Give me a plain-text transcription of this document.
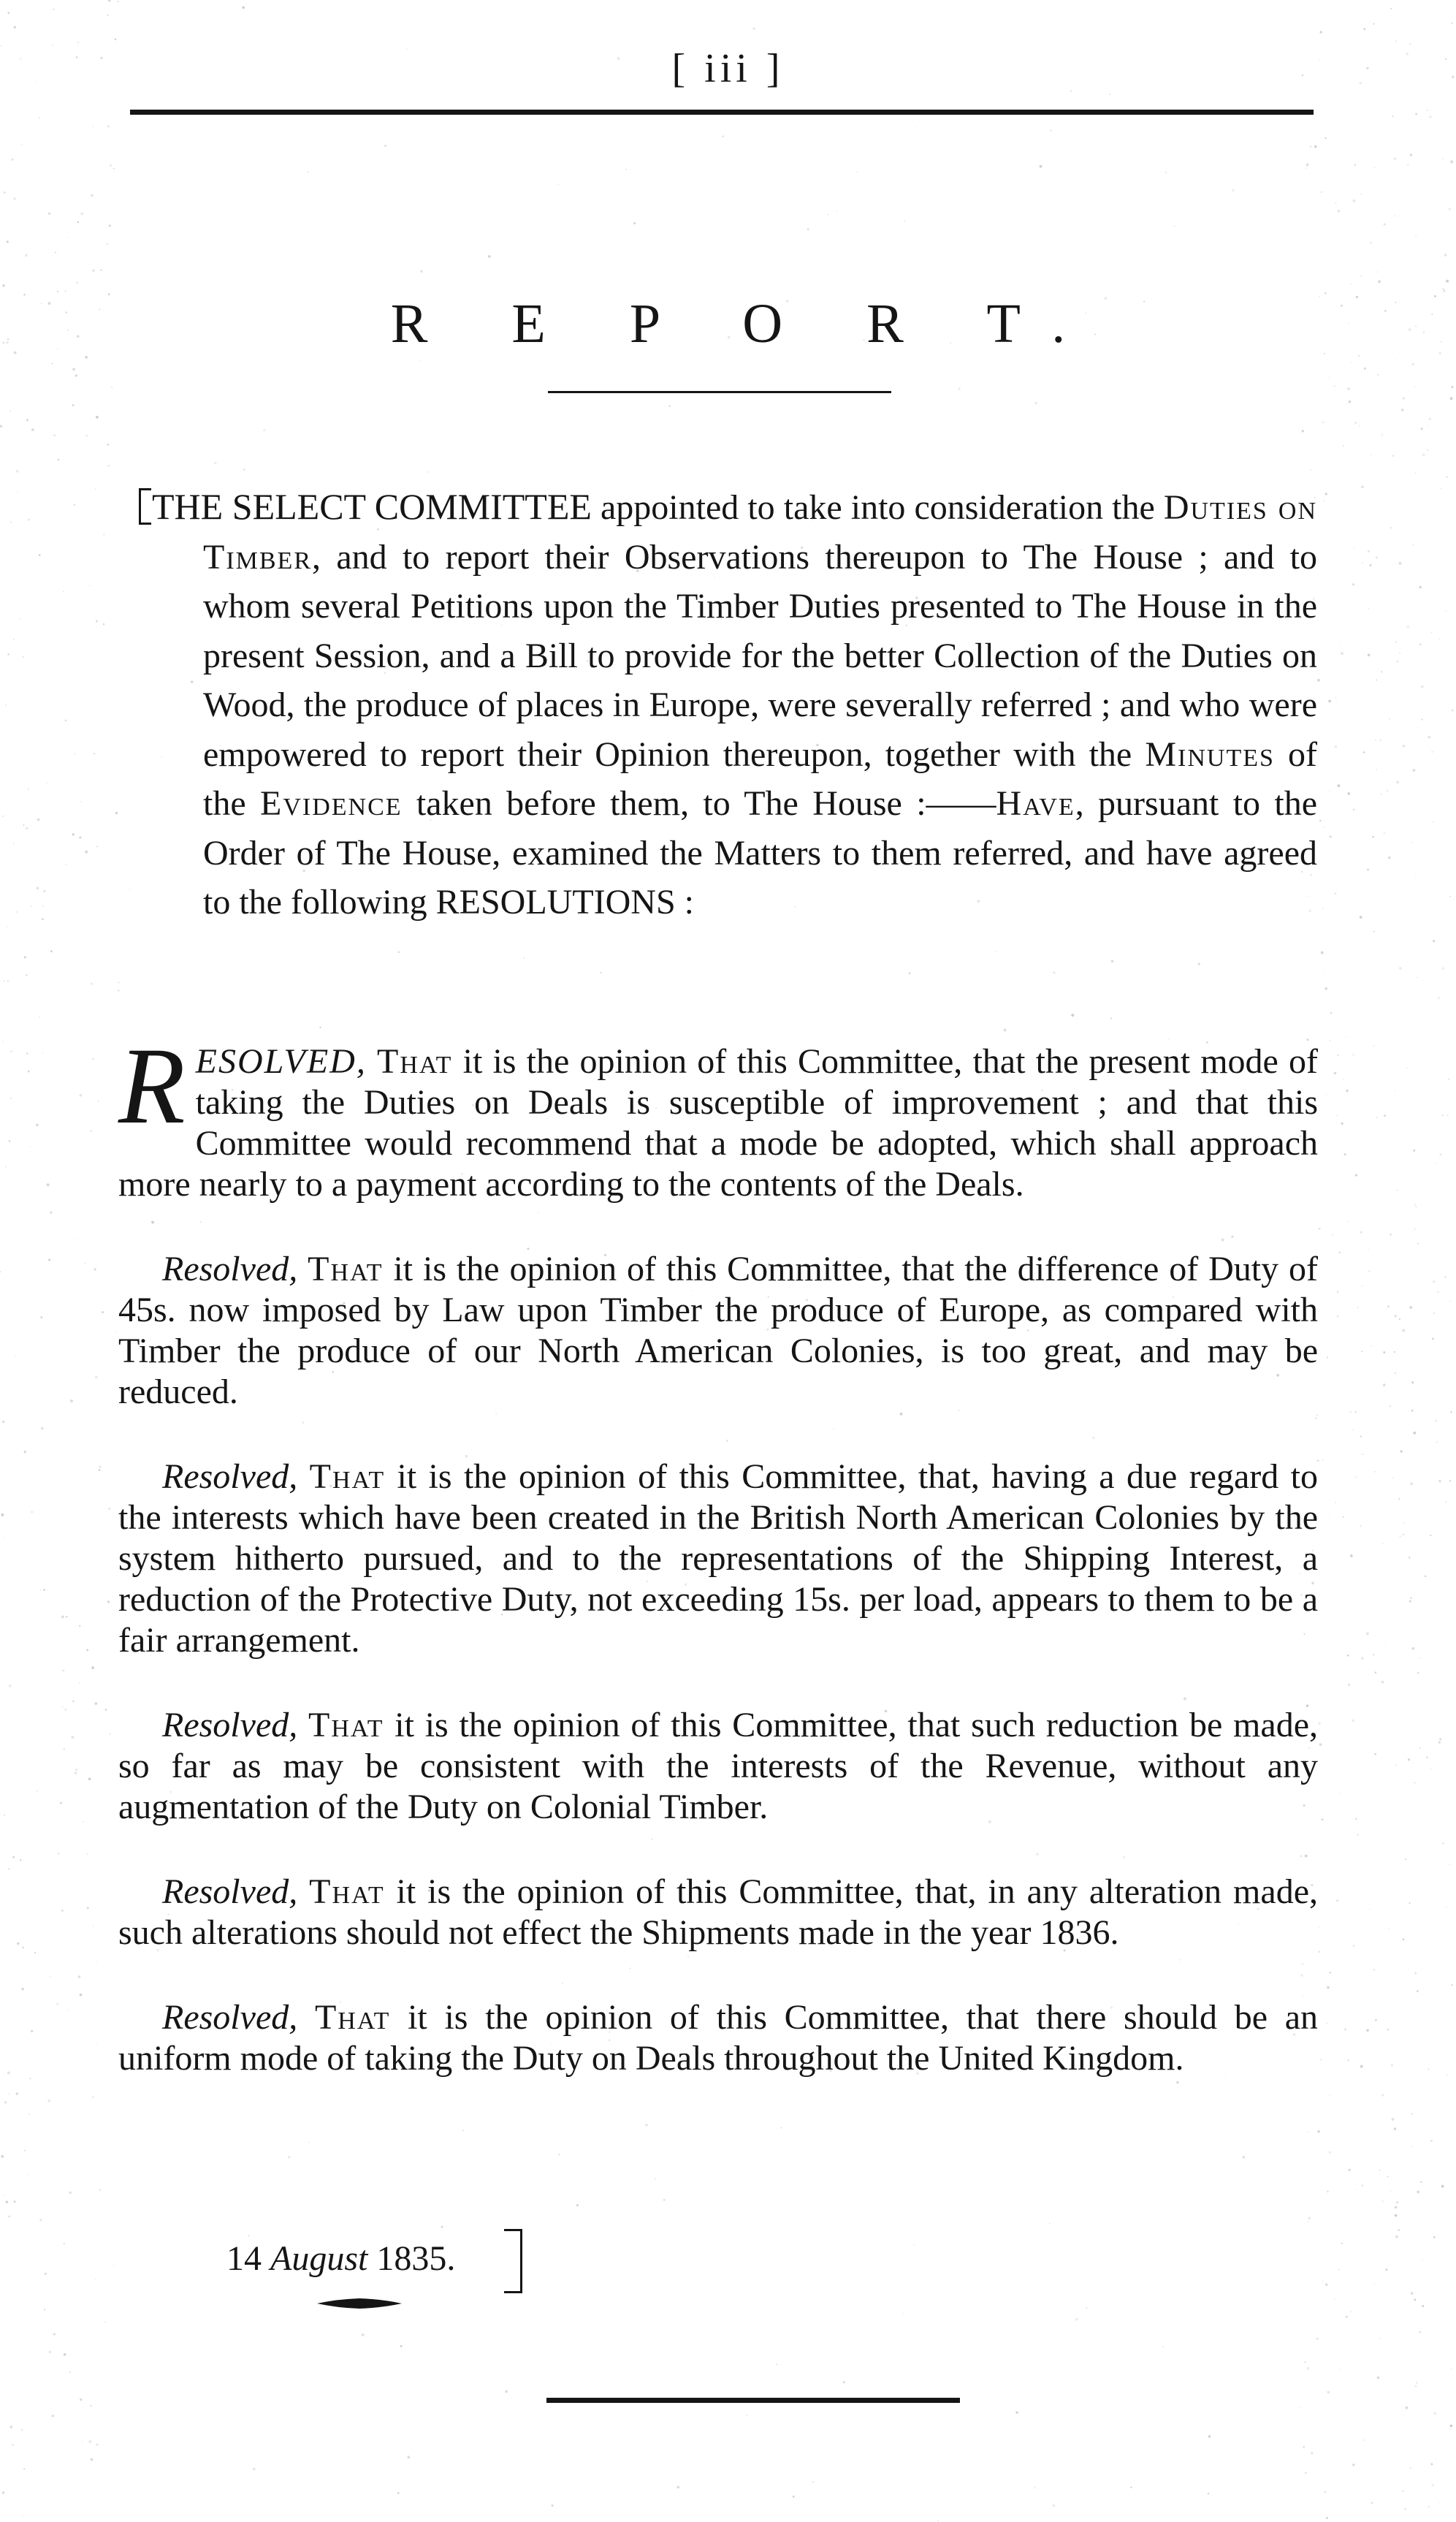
[ iii ]
R E P O R T.
THE SELECT COMMITTEE appointed to take into consideration the Duties on Timber, and to report their Observations thereupon to The House ; and to whom several Petitions upon the Timber Duties presented to The House in the present Session, and a Bill to provide for the better Collection of the Duties on Wood, the produce of places in Europe, were severally referred ; and who were empowered to report their Opinion thereupon, together with the Minutes of the Evidence taken before them, to The House :——Have, pursuant to the Order of The House, examined the Matters to them referred, and have agreed to the following RESOLUTIONS :

RESOLVED, That it is the opinion of this Committee, that the present mode of taking the Duties on Deals is susceptible of improvement ; and that this Committee would recommend that a mode be adopted, which shall approach more nearly to a payment according to the contents of the Deals.

Resolved, That it is the opinion of this Committee, that the difference of Duty of 45s. now imposed by Law upon Timber the produce of Europe, as compared with Timber the produce of our North American Colonies, is too great, and may be reduced.

Resolved, That it is the opinion of this Committee, that, having a due regard to the interests which have been created in the British North American Colonies by the system hitherto pursued, and to the representations of the Shipping Interest, a reduction of the Protective Duty, not exceeding 15s. per load, appears to them to be a fair arrangement.

Resolved, That it is the opinion of this Committee, that such reduction be made, so far as may be consistent with the interests of the Revenue, without any augmentation of the Duty on Colonial Timber.

Resolved, That it is the opinion of this Committee, that, in any alteration made, such alterations should not effect the Shipments made in the year 1836.

Resolved, That it is the opinion of this Committee, that there should be an uniform mode of taking the Duty on Deals throughout the United Kingdom.

14 August 1835.
